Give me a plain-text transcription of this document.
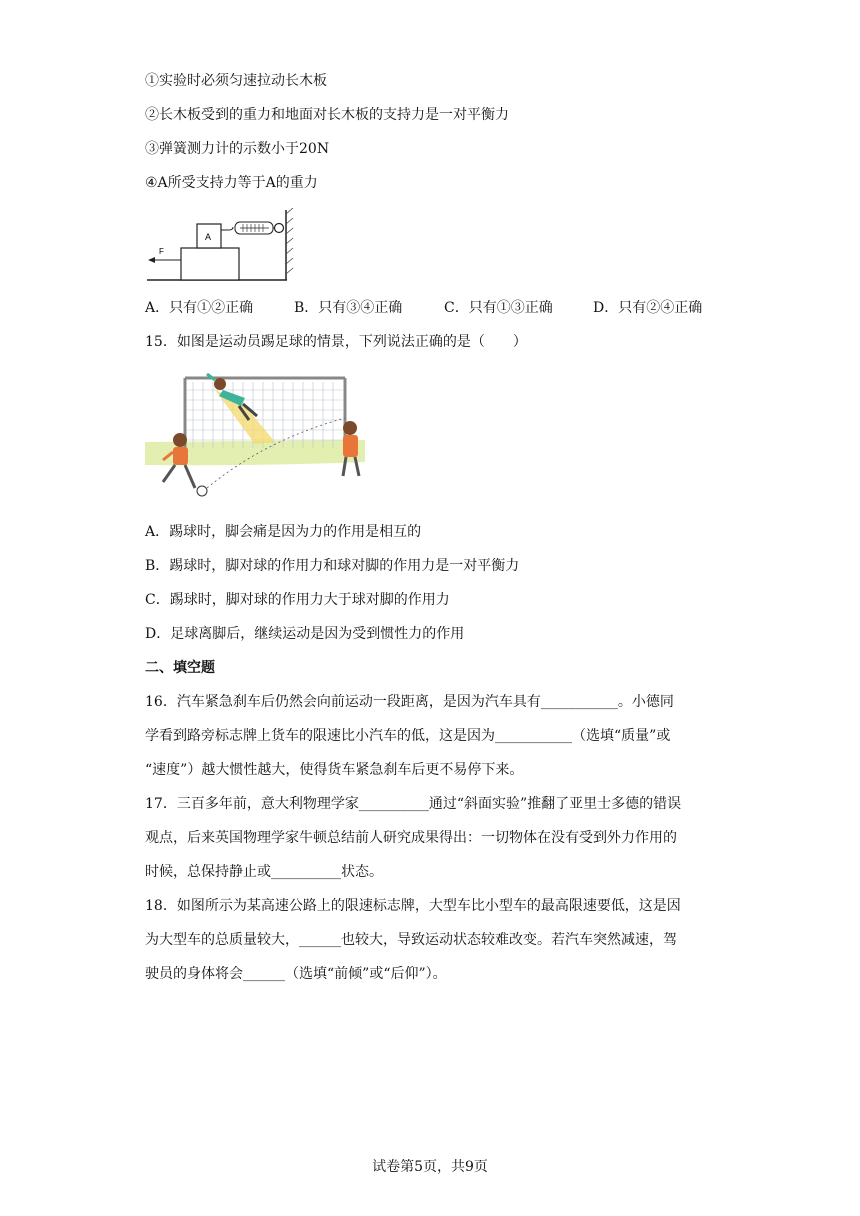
①实验时必须匀速拉动长木板
②长木板受到的重力和地面对长木板的支持力是一对平衡力
③弹簧测力计的示数小于20N
④A所受支持力等于A的重力
A
F
A．只有①②正确	B．只有③④正确	C．只有①③正确	D．只有②④正确
15．如图是运动员踢足球的情景，下列说法正确的是（　　）
A．踢球时，脚会痛是因为力的作用是相互的
B．踢球时，脚对球的作用力和球对脚的作用力是一对平衡力
C．踢球时，脚对球的作用力大于球对脚的作用力
D．足球离脚后，继续运动是因为受到惯性力的作用
二、填空题
16．汽车紧急刹车后仍然会向前运动一段距离，是因为汽车具有___________。小德同
学看到路旁标志牌上货车的限速比小汽车的低，这是因为___________（选填“质量”或
“速度”）越大惯性越大，使得货车紧急刹车后更不易停下来。
17．三百多年前，意大利物理学家__________通过“斜面实验”推翻了亚里士多德的错误
观点，后来英国物理学家牛顿总结前人研究成果得出：一切物体在没有受到外力作用的
时候，总保持静止或__________状态。
18．如图所示为某高速公路上的限速标志牌，大型车比小型车的最高限速要低，这是因
为大型车的总质量较大，______也较大，导致运动状态较难改变。若汽车突然减速，驾
驶员的身体将会______（选填“前倾”或“后仰”）。
试卷第5页，共9页
